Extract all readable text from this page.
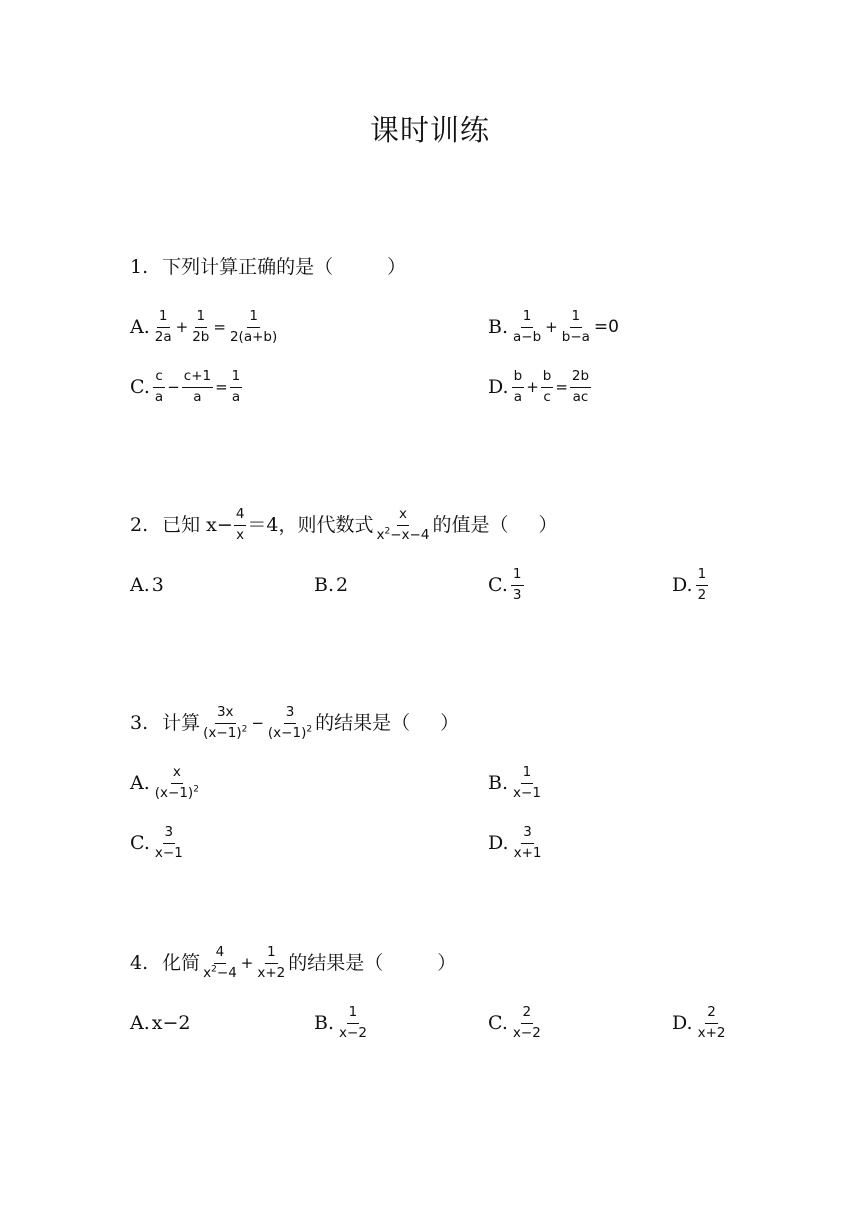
课时训练
1. 下列计算正确的是（	）
A. $\frac{1}{2a} + \frac{1}{2b} = \frac{1}{2(a+b)}$	B. $\frac{1}{a-b} + \frac{1}{b-a} =0$
C. $\frac{c}{a} - \frac{c+1}{a} = \frac{1}{a}$	D. $\frac{b}{a} + \frac{b}{c} = \frac{2b}{ac}$
2. 已知 $x- \frac{4}{x} =4$，则代数式 $\frac{x}{x^2-x-4}$ 的值是（ ）
A. 3	B. 2	C. $\frac{1}{3}$	D. $\frac{1}{2}$
3. 计算 $\frac{3x}{(x-1)^2} - \frac{3}{(x-1)^2}$ 的结果是（ ）
A. $\frac{x}{(x-1)^2}$	B. $\frac{1}{x-1}$
C. $\frac{3}{x-1}$	D. $\frac{3}{x+1}$
4. 化简 $\frac{4}{x^2-4} + \frac{1}{x+2}$ 的结果是（	）
A. x−2	B. $\frac{1}{x-2}$	C. $\frac{2}{x-2}$	D. $\frac{2}{x+2}$
